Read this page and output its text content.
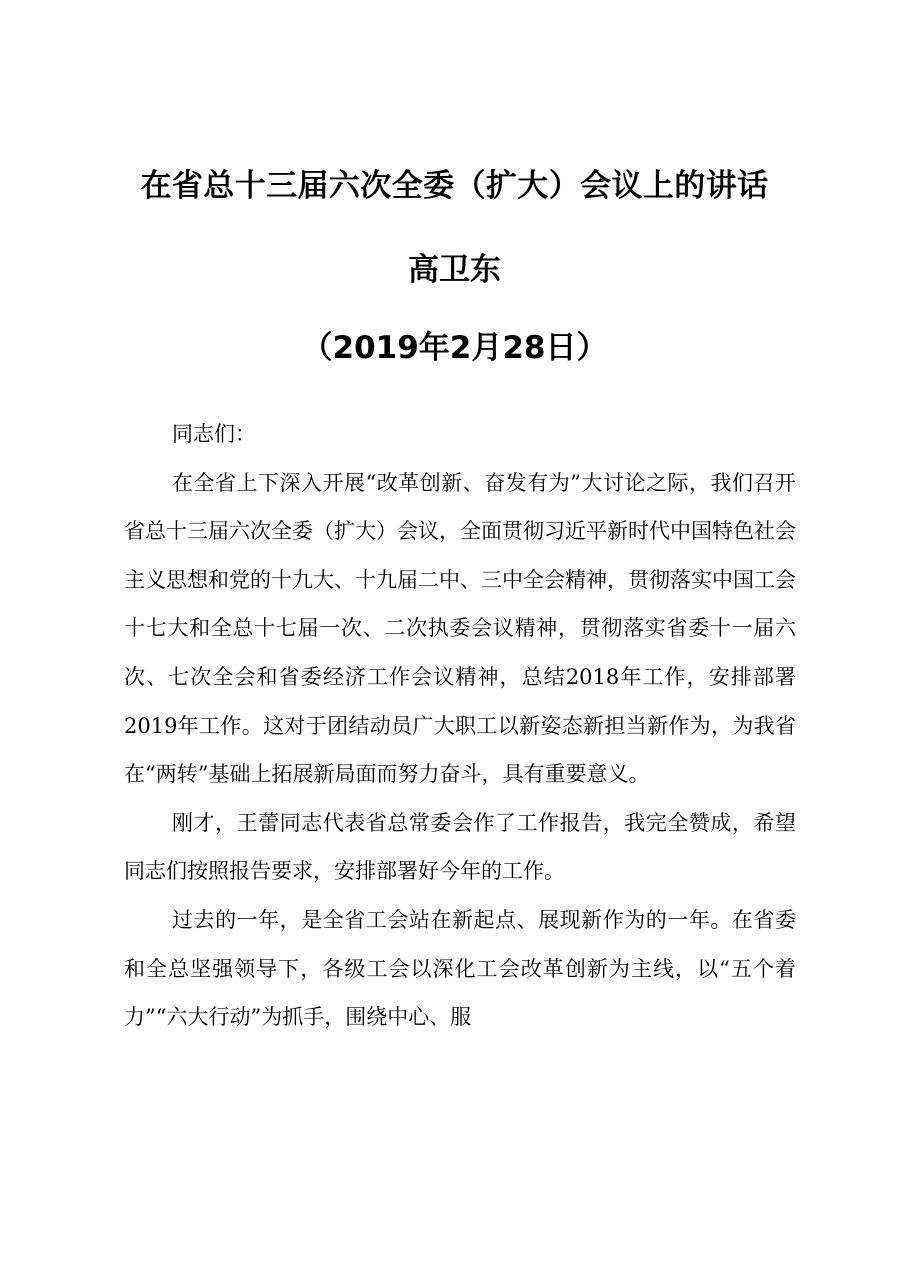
在省总十三届六次全委（扩大）会议上的讲话
高卫东
（2019年2月28日）

同志们：

在全省上下深入开展“改革创新、奋发有为”大讨论之际，我们召开省总十三届六次全委（扩大）会议，全面贯彻习近平新时代中国特色社会主义思想和党的十九大、十九届二中、三中全会精神，贯彻落实中国工会十七大和全总十七届一次、二次执委会议精神，贯彻落实省委十一届六次、七次全会和省委经济工作会议精神，总结2018年工作，安排部署2019年工作。这对于团结动员广大职工以新姿态新担当新作为，为我省在“两转”基础上拓展新局面而努力奋斗，具有重要意义。

刚才，王蕾同志代表省总常委会作了工作报告，我完全赞成，希望同志们按照报告要求，安排部署好今年的工作。

过去的一年，是全省工会站在新起点、展现新作为的一年。在省委和全总坚强领导下，各级工会以深化工会改革创新为主线，以“五个着力”“六大行动”为抓手，围绕中心、服
